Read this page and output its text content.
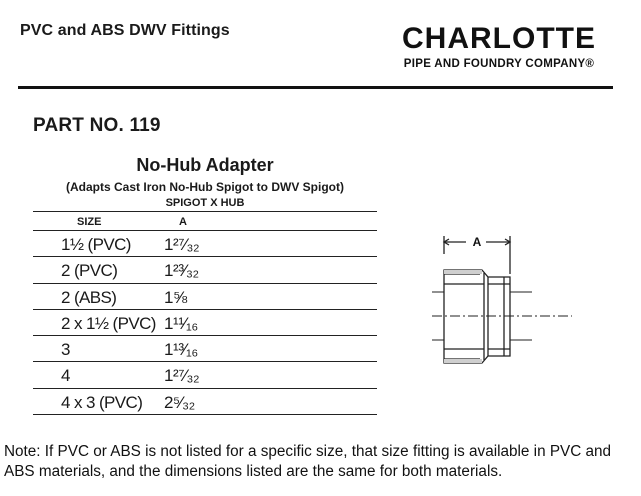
PVC and ABS DWV Fittings	CHARLOTTE
PIPE AND FOUNDRY COMPANY®
PART NO. 119
No-Hub Adapter
(Adapts Cast Iron No-Hub Spigot to DWV Spigot)
SPIGOT X HUB
SIZE	A
1½ (PVC) 1²⁷⁄₃₂
2 (PVC)	1²³⁄₃₂
2 (ABS)	1⅝
2 x 1½ (PVC) 1¹¹⁄₁₆
3	1¹³⁄₁₆
4	1²⁷⁄₃₂
4 x 3 (PVC) 2⁵⁄₃₂
A
Note: If PVC or ABS is not listed for a specific size, that size fitting is available in PVC and ABS materials, and the dimensions listed are the same for both materials.
